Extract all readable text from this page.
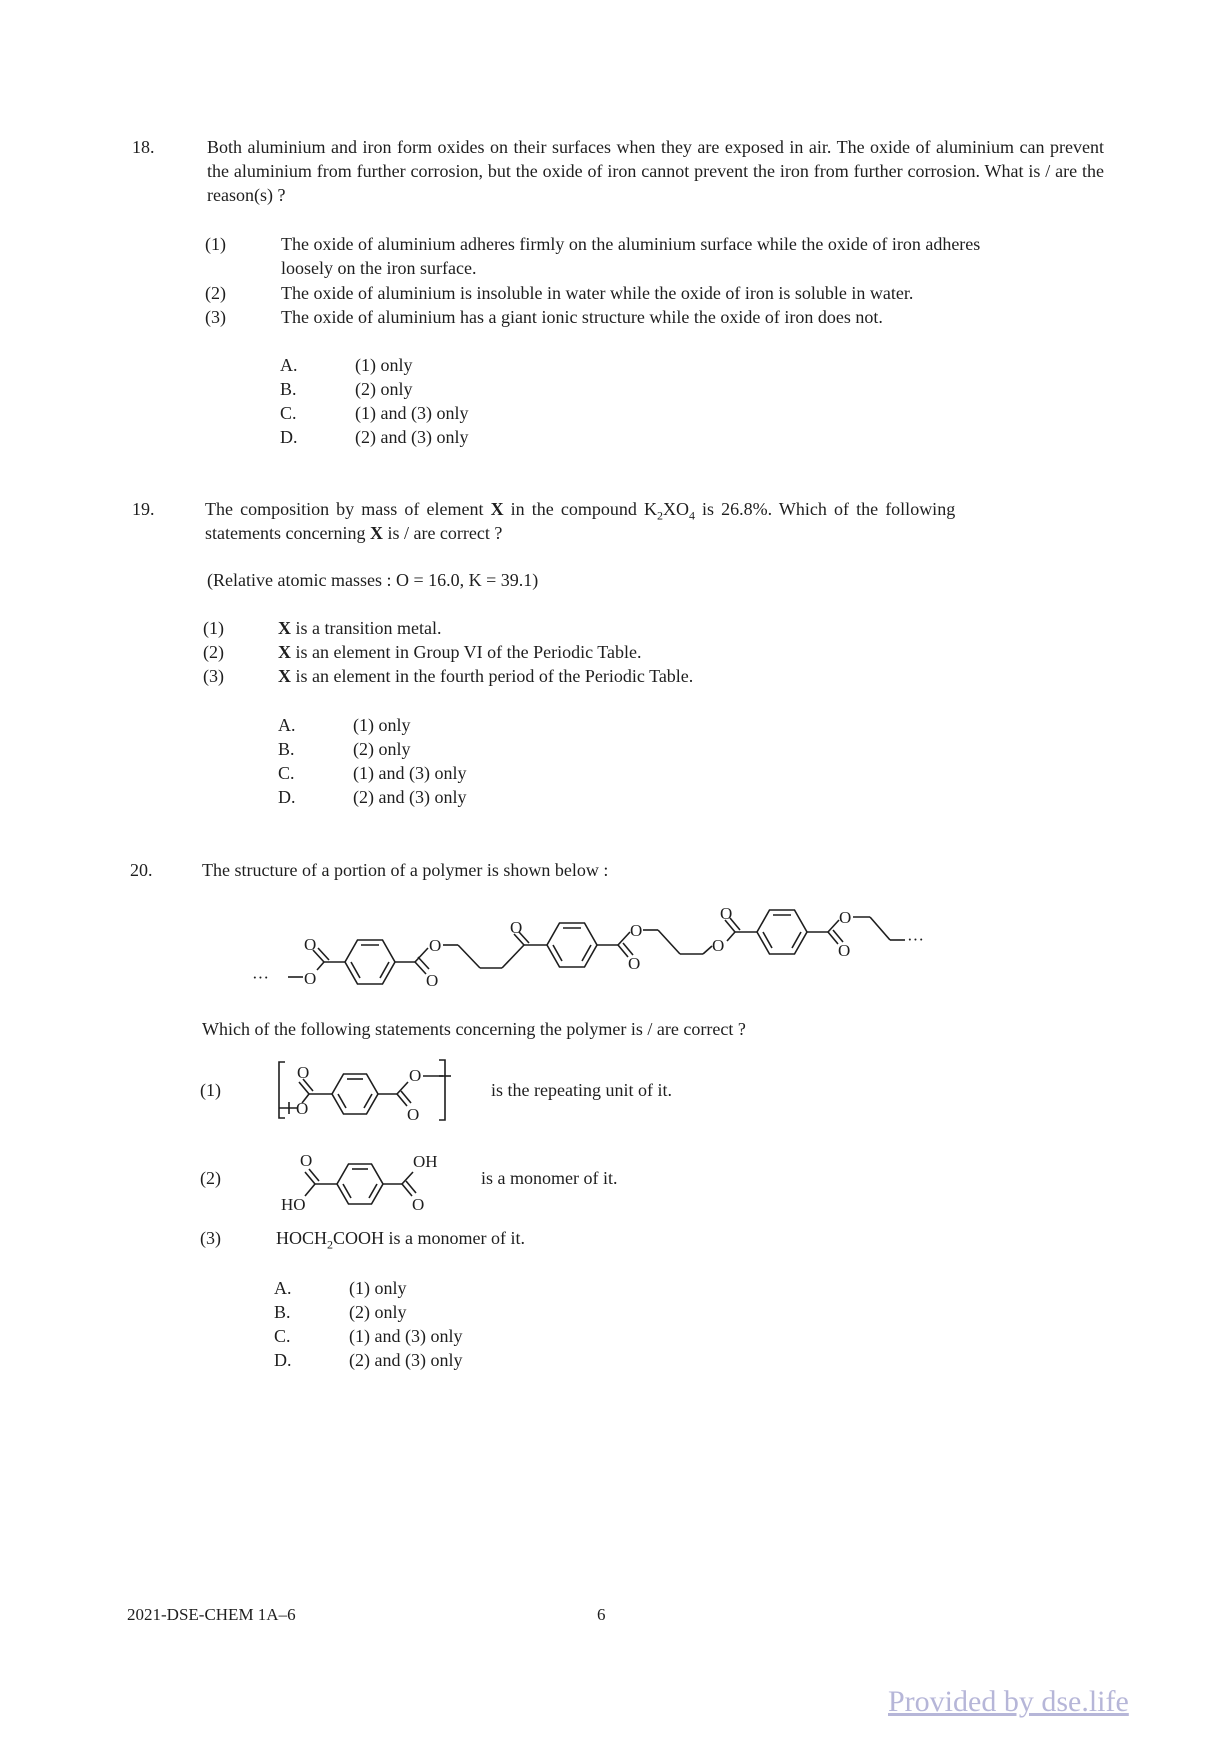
18.	Both aluminium and iron form oxides on their surfaces when they are exposed in air. The oxide of aluminium can prevent the aluminium from further corrosion, but the oxide of iron cannot prevent the iron from further corrosion. What is / are the reason(s) ?
(1)	The oxide of aluminium adheres firmly on the aluminium surface while the oxide of iron adheres
loosely on the iron surface.
(2)	The oxide of aluminium is insoluble in water while the oxide of iron is soluble in water.
(3)	The oxide of aluminium has a giant ionic structure while the oxide of iron does not.
A.	(1) only
B.	(2) only
C.	(1) and (3) only
D.	(2) and (3) only
19.	The composition by mass of element X in the compound $K_2XO_4$ is 26.8%. Which of the following
statements concerning X is / are correct ?
(Relative atomic masses : O = 16.0, K = 39.1)
(1)	X is a transition metal.
(2)	X is an element in Group VI of the Periodic Table.
(3)	X is an element in the fourth period of the Periodic Table.
A.	(1) only
B.	(2) only
C.	(1) and (3) only
D.	(2) and (3) only
20.	The structure of a portion of a polymer is shown below :
··· O
O
O
O
O
O
O
O
O
O
O
···
Which of the following statements concerning the polymer is / are correct ?
(1)
O
O
O
O
is the repeating unit of it.
(2)
O
HO
OH
O
is a monomer of it.
(3)	$HOCH_2COOH$ is a monomer of it.
A.	(1) only
B.	(2) only
C.	(1) and (3) only
D.	(2) and (3) only
2021-DSE-CHEM 1A–6	6
Provided by dse.life
